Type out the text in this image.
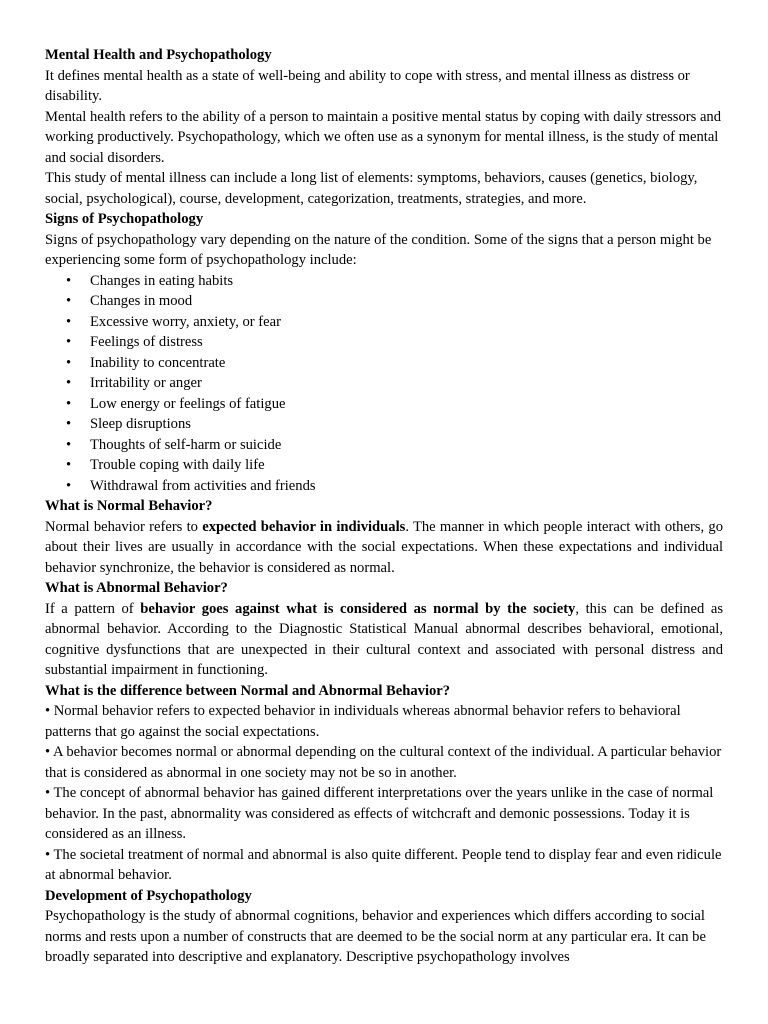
Mental Health and Psychopathology

It defines mental health as a state of well-being and ability to cope with stress, and mental illness as distress or disability.

Mental health refers to the ability of a person to maintain a positive mental status by coping with daily stressors and working productively. Psychopathology, which we often use as a synonym for mental illness, is the study of mental and social disorders.

This study of mental illness can include a long list of elements: symptoms, behaviors, causes (genetics, biology, social, psychological), course, development, categorization, treatments, strategies, and more.

Signs of Psychopathology

Signs of psychopathology vary depending on the nature of the condition. Some of the signs that a person might be experiencing some form of psychopathology include:

• Changes in eating habits
• Changes in mood
• Excessive worry, anxiety, or fear
• Feelings of distress
• Inability to concentrate
• Irritability or anger
• Low energy or feelings of fatigue
• Sleep disruptions
• Thoughts of self-harm or suicide
• Trouble coping with daily life
• Withdrawal from activities and friends

What is Normal Behavior?

Normal behavior refers to expected behavior in individuals. The manner in which people interact with others, go about their lives are usually in accordance with the social expectations. When these expectations and individual behavior synchronize, the behavior is considered as normal.

What is Abnormal Behavior?

If a pattern of behavior goes against what is considered as normal by the society, this can be defined as abnormal behavior. According to the Diagnostic Statistical Manual abnormal describes behavioral, emotional, cognitive dysfunctions that are unexpected in their cultural context and associated with personal distress and substantial impairment in functioning.

What is the difference between Normal and Abnormal Behavior?

• Normal behavior refers to expected behavior in individuals whereas abnormal behavior refers to behavioral patterns that go against the social expectations.

• A behavior becomes normal or abnormal depending on the cultural context of the individual. A particular behavior that is considered as abnormal in one society may not be so in another.

• The concept of abnormal behavior has gained different interpretations over the years unlike in the case of normal behavior. In the past, abnormality was considered as effects of witchcraft and demonic possessions. Today it is considered as an illness.

• The societal treatment of normal and abnormal is also quite different. People tend to display fear and even ridicule at abnormal behavior.

Development of Psychopathology

Psychopathology is the study of abnormal cognitions, behavior and experiences which differs according to social norms and rests upon a number of constructs that are deemed to be the social norm at any particular era. It can be broadly separated into descriptive and explanatory. Descriptive psychopathology involves
